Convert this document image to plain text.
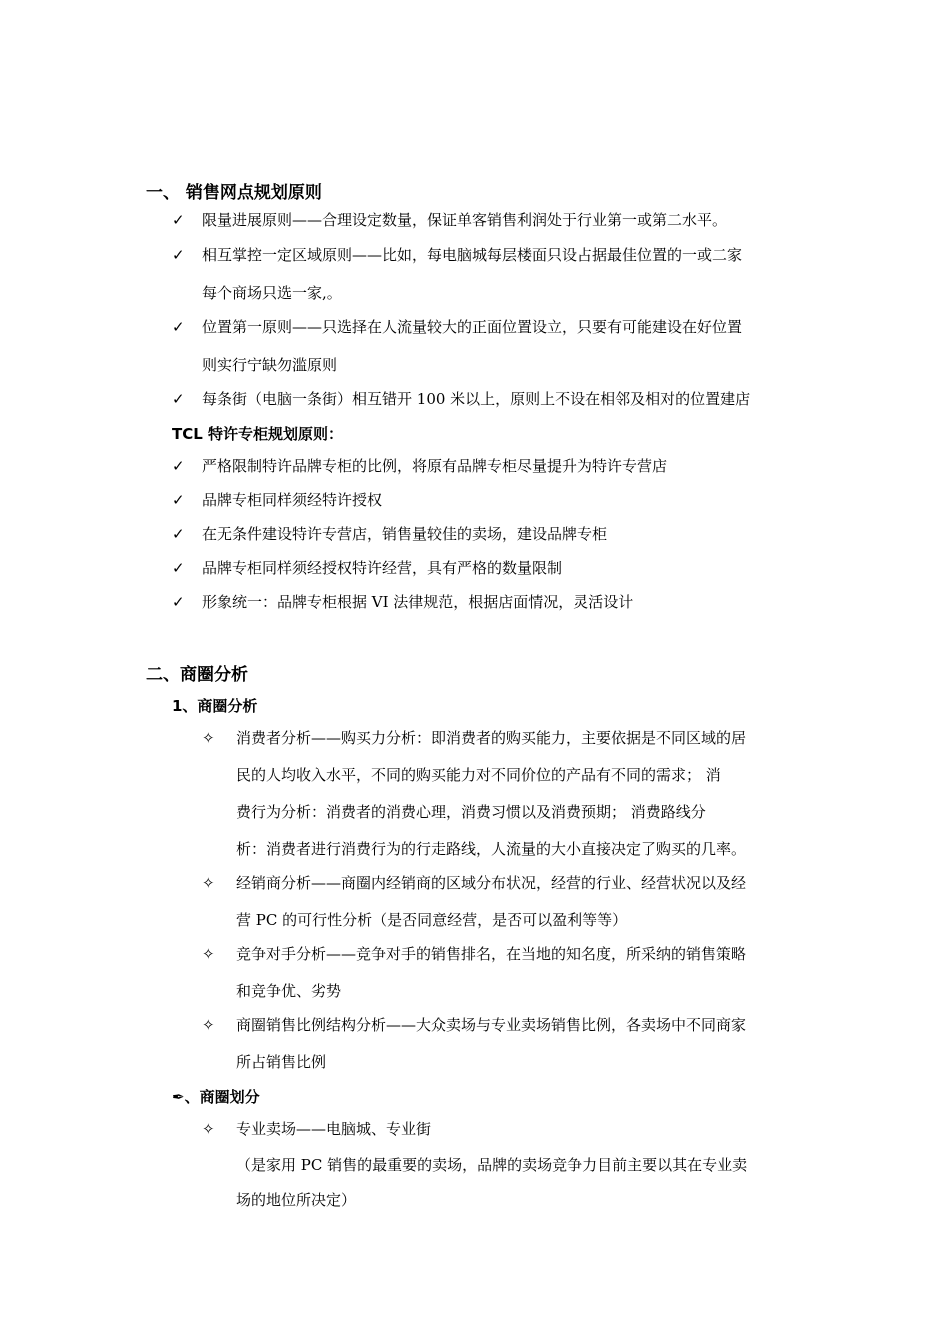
一、 销售网点规划原则
✓ 限量进展原则——合理设定数量，保证单客销售利润处于行业第一或第二水平。
✓ 相互掌控一定区域原则——比如，每电脑城每层楼面只设占据最佳位置的一或二家
每个商场只选一家,。
✓ 位置第一原则——只选择在人流量较大的正面位置设立，只要有可能建设在好位置
则实行宁缺勿滥原则
✓ 每条街（电脑一条街）相互错开 100 米以上，原则上不设在相邻及相对的位置建店
TCL 特许专柜规划原则：
✓ 严格限制特许品牌专柜的比例，将原有品牌专柜尽量提升为特许专营店
✓ 品牌专柜同样须经特许授权
✓ 在无条件建设特许专营店，销售量较佳的卖场，建设品牌专柜
✓ 品牌专柜同样须经授权特许经营，具有严格的数量限制
✓ 形象统一：品牌专柜根据 VI 法律规范，根据店面情况，灵活设计
二、商圈分析
1、商圈分析
✧ 消费者分析——购买力分析：即消费者的购买能力，主要依据是不同区域的居
民的人均收入水平，不同的购买能力对不同价位的产品有不同的需求； 消
费行为分析：消费者的消费心理，消费习惯以及消费预期； 消费路线分
析：消费者进行消费行为的行走路线，人流量的大小直接决定了购买的几率。
✧ 经销商分析——商圈内经销商的区域分布状况，经营的行业、经营状况以及经
营 PC 的可行性分析（是否同意经营，是否可以盈利等等）
✧ 竞争对手分析——竞争对手的销售排名，在当地的知名度，所采纳的销售策略
和竞争优、劣势
✧ 商圈销售比例结构分析——大众卖场与专业卖场销售比例，各卖场中不同商家
所占销售比例
✒、商圈划分
✧ 专业卖场——电脑城、专业街
（是家用 PC 销售的最重要的卖场，品牌的卖场竞争力目前主要以其在专业卖
场的地位所决定）
